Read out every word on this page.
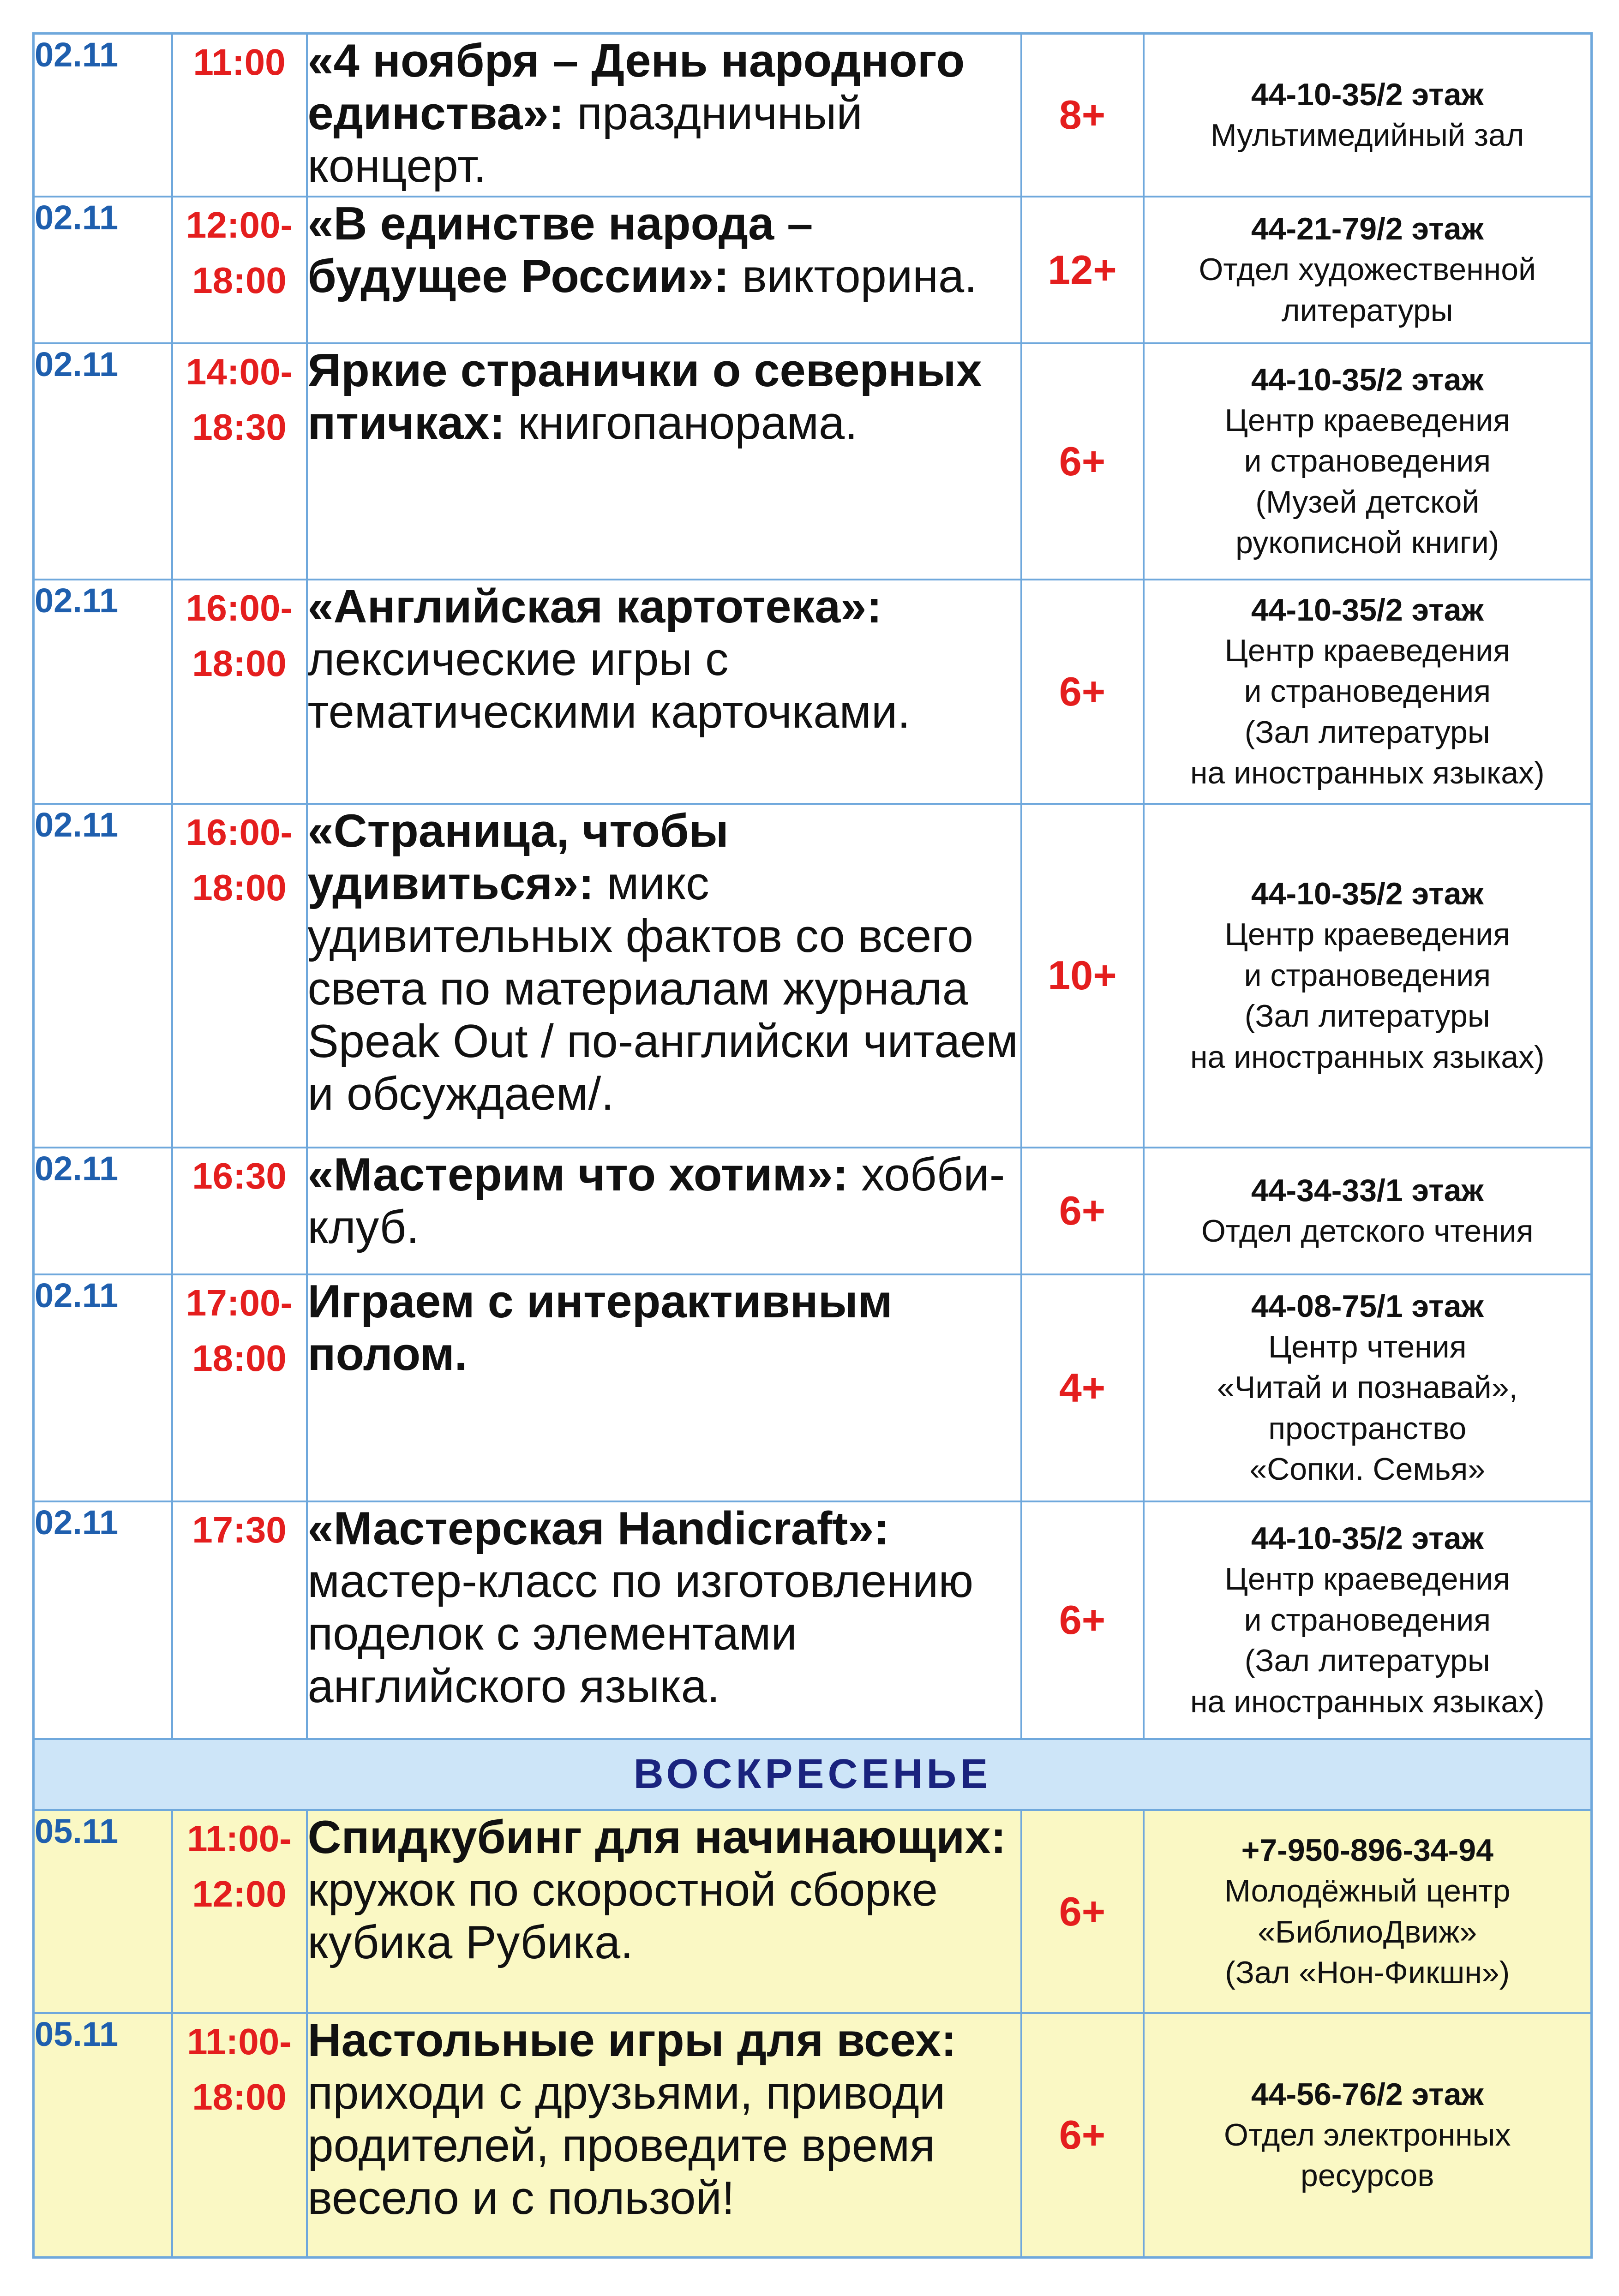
02.11	11:00	«4 ноября – День народного единства»: праздничный концерт.	8+	44-10-35/2 этаж
Мультимедийный зал

02.11	12:00-18:00	«В единстве народа – будущее России»: викторина.	12+	44-21-79/2 этаж
Отдел художественной
литературы

02.11	14:00-18:30	Яркие странички о северных птичках: книгопанорама.	6+	44-10-35/2 этаж
Центр краеведения
и страноведения
(Музей детской
рукописной книги)

02.11	16:00-18:00	«Английская картотека»: лексические игры с тематическими карточками.	6+	44-10-35/2 этаж
Центр краеведения
и страноведения
(Зал литературы
на иностранных языках)

02.11	16:00-18:00	«Страница, чтобы удивиться»: микс удивительных фактов со всего света по материалам журнала Speak Out / по-английски читаем и обсуждаем/.	10+	44-10-35/2 этаж
Центр краеведения
и страноведения
(Зал литературы
на иностранных языках)

02.11	16:30	«Мастерим что хотим»: хобби-клуб.	6+	44-34-33/1 этаж
Отдел детского чтения

02.11	17:00-18:00	Играем с интерактивным полом.	4+	44-08-75/1 этаж
Центр чтения
«Читай и познавай»,
пространство
«Сопки. Семья»

02.11	17:30	«Мастерская Handicraft»: мастер-класс по изготовлению поделок с элементами английского языка.	6+	44-10-35/2 этаж
Центр краеведения
и страноведения
(Зал литературы
на иностранных языках)

ВОСКРЕСЕНЬЕ				
05.11	11:00-12:00	Спидкубинг для начинающих: кружок по скоростной сборке кубика Рубика.	6+	+7-950-896-34-94
Молодёжный центр
«БиблиоДвиж»
(Зал «Нон-Фикшн»)

05.11	11:00-18:00	Настольные игры для всех: приходи с друзьями, приводи родителей, проведите время весело и с пользой!	6+	44-56-76/2 этаж
Отдел электронных
ресурсов
